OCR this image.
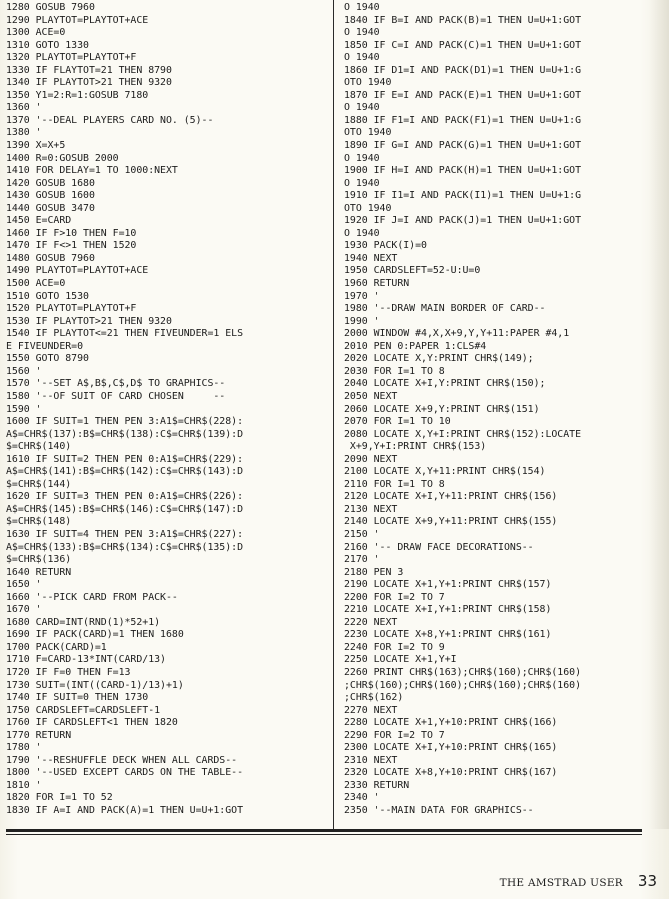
1280 GOSUB 7960
1290 PLAYTOT=PLAYTOT+ACE
1300 ACE=0
1310 GOTO 1330
1320 PLAYTOT=PLAYTOT+F
1330 IF FLAYTOT=21 THEN 8790
1340 IF PLAYTOT>21 THEN 9320
1350 Y1=2:R=1:GOSUB 7180
1360 '
1370 '--DEAL PLAYERS CARD NO. (5)--
1380 '
1390 X=X+5
1400 R=0:GOSUB 2000
1410 FOR DELAY=1 TO 1000:NEXT
1420 GOSUB 1680
1430 GOSUB 1600
1440 GOSUB 3470
1450 E=CARD
1460 IF F>10 THEN F=10
1470 IF F<>1 THEN 1520
1480 GOSUB 7960
1490 PLAYTOT=PLAYTOT+ACE
1500 ACE=0
1510 GOTO 1530
1520 PLAYTOT=PLAYTOT+F
1530 IF PLAYTOT>21 THEN 9320
1540 IF PLAYTOT<=21 THEN FIVEUNDER=1 ELS
E FIVEUNDER=0
1550 GOTO 8790
1560 '
1570 '--SET A$,B$,C$,D$ TO GRAPHICS--
1580 '--OF SUIT OF CARD CHOSEN     --
1590 '
1600 IF SUIT=1 THEN PEN 3:A1$=CHR$(228):
A$=CHR$(137):B$=CHR$(138):C$=CHR$(139):D
$=CHR$(140)
1610 IF SUIT=2 THEN PEN 0:A1$=CHR$(229):
A$=CHR$(141):B$=CHR$(142):C$=CHR$(143):D
$=CHR$(144)
1620 IF SUIT=3 THEN PEN 0:A1$=CHR$(226):
A$=CHR$(145):B$=CHR$(146):C$=CHR$(147):D
$=CHR$(148)
1630 IF SUIT=4 THEN PEN 3:A1$=CHR$(227):
A$=CHR$(133):B$=CHR$(134):C$=CHR$(135):D
$=CHR$(136)
1640 RETURN
1650 '
1660 '--PICK CARD FROM PACK--
1670 '
1680 CARD=INT(RND(1)*52+1)
1690 IF PACK(CARD)=1 THEN 1680
1700 PACK(CARD)=1
1710 F=CARD-13*INT(CARD/13)
1720 IF F=0 THEN F=13
1730 SUIT=(INT((CARD-1)/13)+1)
1740 IF SUIT=0 THEN 1730
1750 CARDSLEFT=CARDSLEFT-1
1760 IF CARDSLEFT<1 THEN 1820
1770 RETURN
1780 '
1790 '--RESHUFFLE DECK WHEN ALL CARDS--
1800 '--USED EXCEPT CARDS ON THE TABLE--
1810 '
1820 FOR I=1 TO 52
1830 IF A=I AND PACK(A)=1 THEN U=U+1:GOT
O 1940
1840 IF B=I AND PACK(B)=1 THEN U=U+1:GOT
O 1940
1850 IF C=I AND PACK(C)=1 THEN U=U+1:GOT
O 1940
1860 IF D1=I AND PACK(D1)=1 THEN U=U+1:G
OTO 1940
1870 IF E=I AND PACK(E)=1 THEN U=U+1:GOT
O 1940
1880 IF F1=I AND PACK(F1)=1 THEN U=U+1:G
OTO 1940
1890 IF G=I AND PACK(G)=1 THEN U=U+1:GOT
O 1940
1900 IF H=I AND PACK(H)=1 THEN U=U+1:GOT
O 1940
1910 IF I1=I AND PACK(I1)=1 THEN U=U+1:G
OTO 1940
1920 IF J=I AND PACK(J)=1 THEN U=U+1:GOT
O 1940
1930 PACK(I)=0
1940 NEXT
1950 CARDSLEFT=52-U:U=0
1960 RETURN
1970 '
1980 '--DRAW MAIN BORDER OF CARD--
1990 '
2000 WINDOW #4,X,X+9,Y,Y+11:PAPER #4,1
2010 PEN 0:PAPER 1:CLS#4
2020 LOCATE X,Y:PRINT CHR$(149);
2030 FOR I=1 TO 8
2040 LOCATE X+I,Y:PRINT CHR$(150);
2050 NEXT
2060 LOCATE X+9,Y:PRINT CHR$(151)
2070 FOR I=1 TO 10
2080 LOCATE X,Y+I:PRINT CHR$(152):LOCATE
X+9,Y+I:PRINT CHR$(153)
2090 NEXT
2100 LOCATE X,Y+11:PRINT CHR$(154)
2110 FOR I=1 TO 8
2120 LOCATE X+I,Y+11:PRINT CHR$(156)
2130 NEXT
2140 LOCATE X+9,Y+11:PRINT CHR$(155)
2150 '
2160 '-- DRAW FACE DECORATIONS--
2170 '
2180 PEN 3
2190 LOCATE X+1,Y+1:PRINT CHR$(157)
2200 FOR I=2 TO 7
2210 LOCATE X+I,Y+1:PRINT CHR$(158)
2220 NEXT
2230 LOCATE X+8,Y+1:PRINT CHR$(161)
2240 FOR I=2 TO 9
2250 LOCATE X+1,Y+I
2260 PRINT CHR$(163);CHR$(160);CHR$(160)
;CHR$(160);CHR$(160);CHR$(160);CHR$(160)
;CHR$(162)
2270 NEXT
2280 LOCATE X+1,Y+10:PRINT CHR$(166)
2290 FOR I=2 TO 7
2300 LOCATE X+I,Y+10:PRINT CHR$(165)
2310 NEXT
2320 LOCATE X+8,Y+10:PRINT CHR$(167)
2330 RETURN
2340 '
2350 '--MAIN DATA FOR GRAPHICS--
THE AMSTRAD USER 33
